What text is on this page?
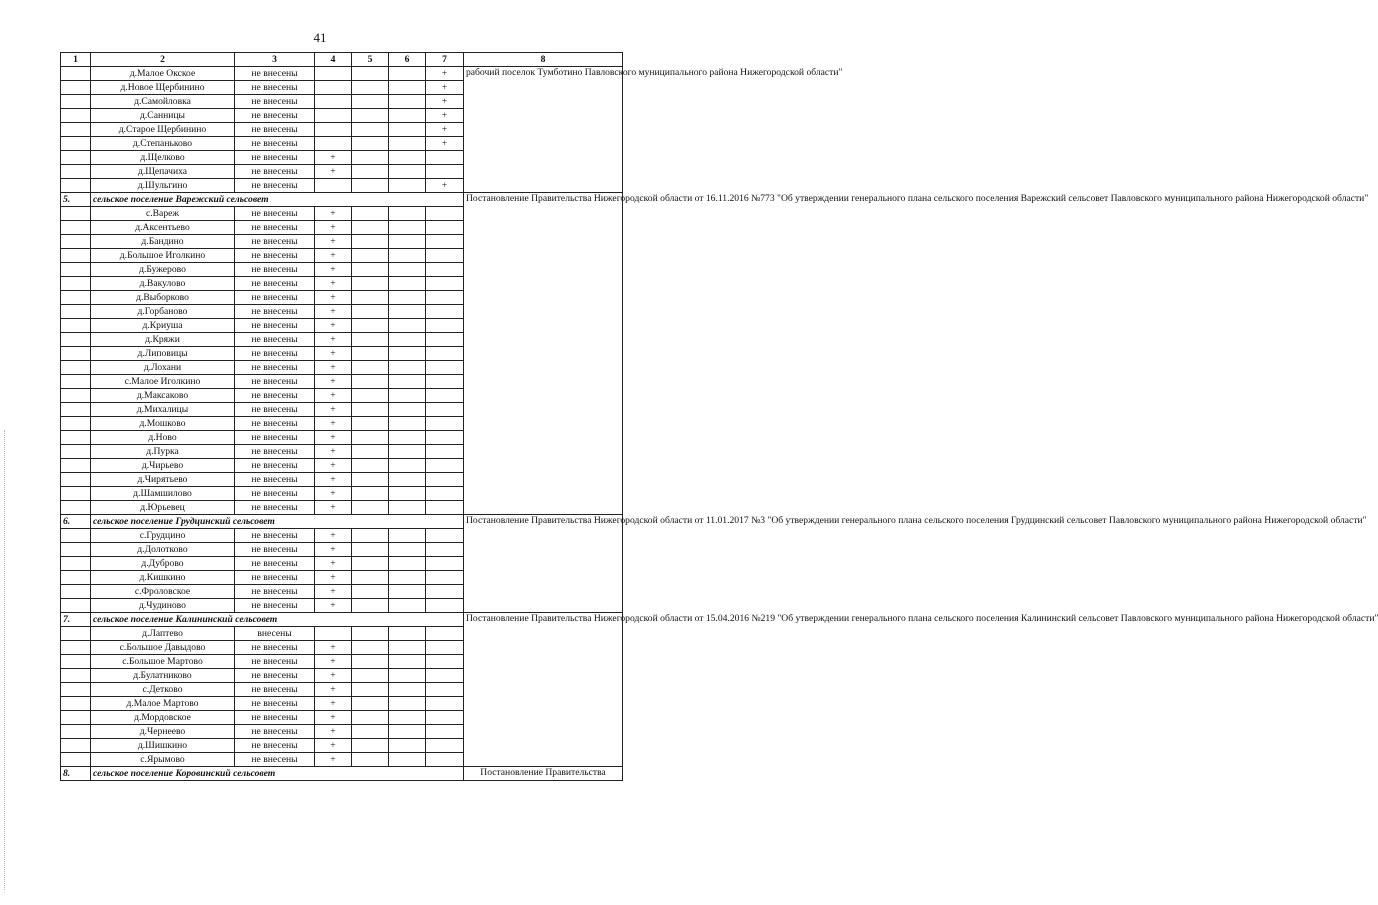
41
1	2	3	4	5	6	7	8
	д.Малое Окское	не внесены				+	рабочий поселок Тумботино Павловского муниципального района Нижегородской области"
	д.Новое Щербинино	не внесены				+	
	д.Самойловка	не внесены				+	
	д.Санницы	не внесены				+	
	д.Старое Щербинино	не внесены				+	
	д.Степаньково	не внесены				+	
	д.Щелково	не внесены	+				
	д.Щепачиха	не внесены	+				
	д.Шульгино	не внесены				+	
5.	сельское поселение Варежский сельсовет						Постановление Правительства Нижегородской области от 16.11.2016 №773 "Об утверждении генерального плана сельского поселения Варежский сельсовет Павловского муниципального района Нижегородской области"
	с.Вареж	не внесены	+				
	д.Аксентьево	не внесены	+				
	д.Бандино	не внесены	+				
	д.Большое Иголкино	не внесены	+				
	д.Бужерово	не внесены	+				
	д.Вакулово	не внесены	+				
	д.Выборково	не внесены	+				
	д.Горбаново	не внесены	+				
	д.Криуша	не внесены	+				
	д.Кряжи	не внесены	+				
	д.Липовицы	не внесены	+				
	д.Лохани	не внесены	+				
	с.Малое Иголкино	не внесены	+				
	д.Максаково	не внесены	+				
	д.Михалицы	не внесены	+				
	д.Мошково	не внесены	+				
	д.Ново	не внесены	+				
	д.Пурка	не внесены	+				
	д.Чирьево	не внесены	+				
	д.Чирятьево	не внесены	+				
	д.Шамшилово	не внесены	+				
	д.Юрьевец	не внесены	+				
6.	сельское поселение Грудцинский сельсовет						Постановление Правительства Нижегородской области от 11.01.2017 №3 "Об утверждении генерального плана сельского поселения Грудцинский сельсовет Павловского муниципального района Нижегородской области"
	с.Грудцино	не внесены	+				
	д.Долотково	не внесены	+				
	д.Дуброво	не внесены	+				
	д.Кишкино	не внесены	+				
	с.Фроловское	не внесены	+				
	д.Чудиново	не внесены	+				
7.	сельское поселение Калининский сельсовет						Постановление Правительства Нижегородской области от 15.04.2016 №219 "Об утверждении генерального плана сельского поселения Калининский сельсовет Павловского муниципального района Нижегородской области"
	д.Лаптево	внесены					
	с.Большое Давыдово	не внесены	+				
	с.Большое Мартово	не внесены	+				
	д.Булатниково	не внесены	+				
	с.Детково	не внесены	+				
	д.Малое Мартово	не внесены	+				
	д.Мордовское	не внесены	+				
	д.Чернеево	не внесены	+				
	д.Шишкино	не внесены	+				
	с.Ярымово	не внесены	+				
8.	сельское поселение Коровинский сельсовет						Постановление Правительства
